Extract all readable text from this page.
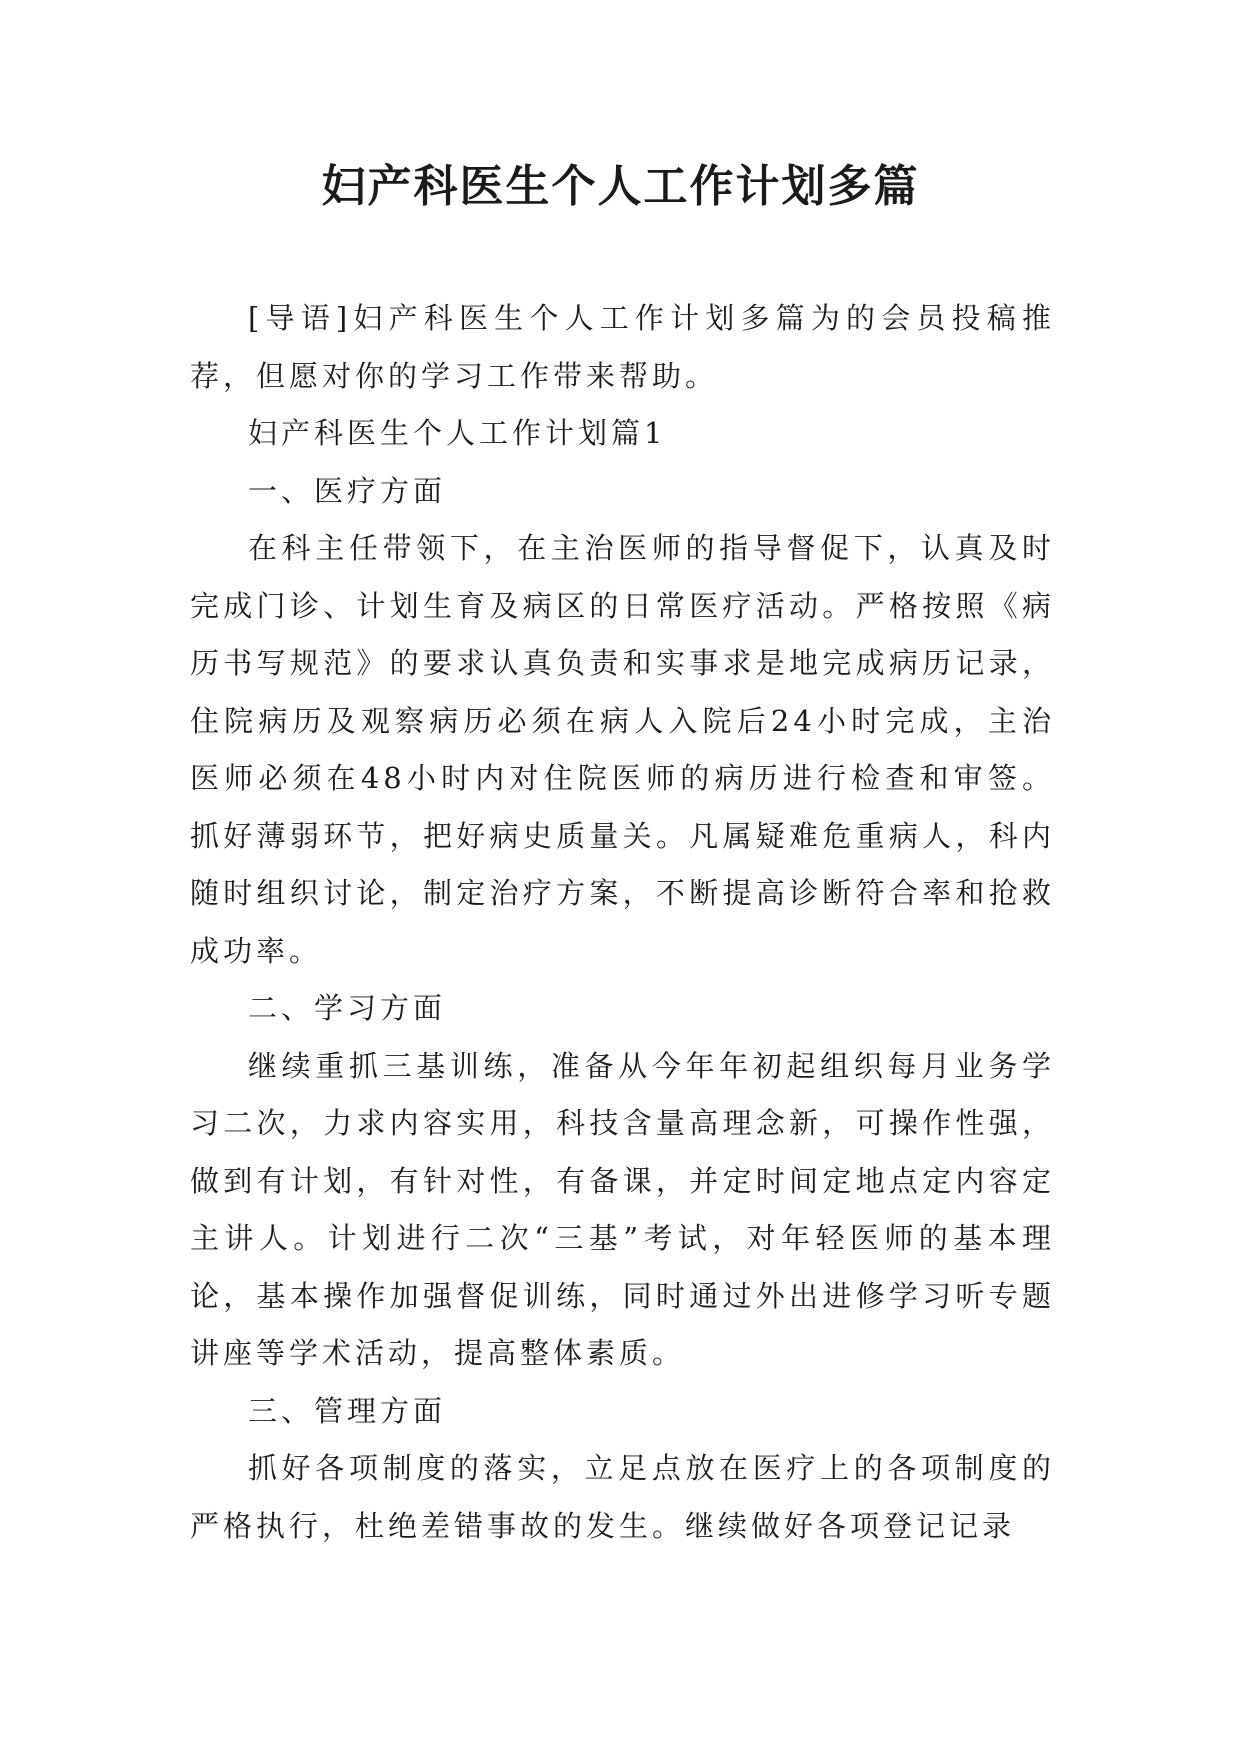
妇产科医生个人工作计划多篇

[导语]妇产科医生个人工作计划多篇为的会员投稿推荐，但愿对你的学习工作带来帮助。

妇产科医生个人工作计划篇1

一、医疗方面

在科主任带领下，在主治医师的指导督促下，认真及时完成门诊、计划生育及病区的日常医疗活动。严格按照《病历书写规范》的要求认真负责和实事求是地完成病历记录，住院病历及观察病历必须在病人入院后24小时完成，主治医师必须在48小时内对住院医师的病历进行检查和审签。抓好薄弱环节，把好病史质量关。凡属疑难危重病人，科内随时组织讨论，制定治疗方案，不断提高诊断符合率和抢救成功率。

二、学习方面

继续重抓三基训练，准备从今年年初起组织每月业务学习二次，力求内容实用，科技含量高理念新，可操作性强，做到有计划，有针对性，有备课，并定时间定地点定内容定主讲人。计划进行二次“三基”考试，对年轻医师的基本理论，基本操作加强督促训练，同时通过外出进修学习听专题讲座等学术活动，提高整体素质。

三、管理方面

抓好各项制度的落实，立足点放在医疗上的各项制度的严格执行，杜绝差错事故的发生。继续做好各项登记记录
